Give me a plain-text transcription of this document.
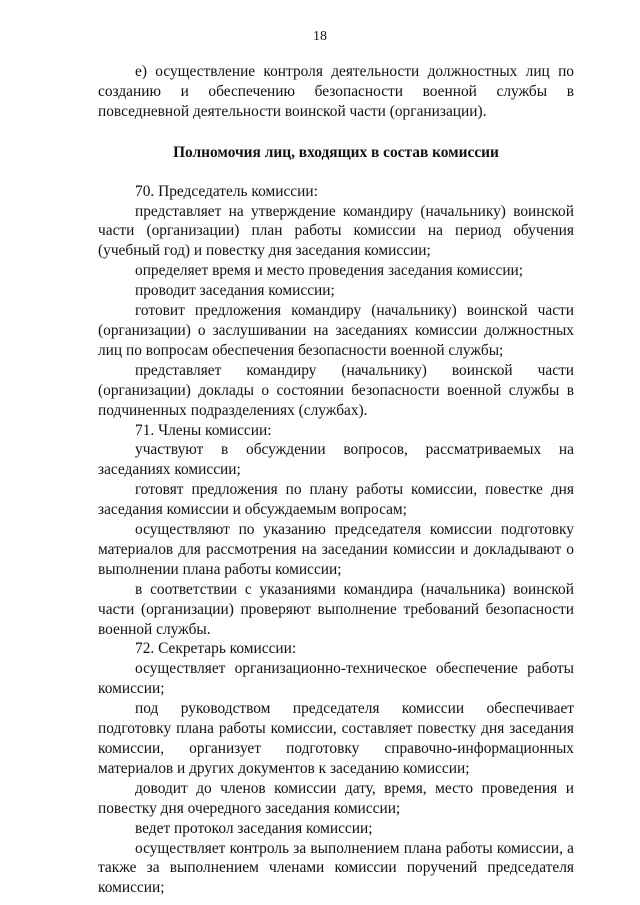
18

е) осуществление контроля деятельности должностных лиц по созданию и обеспечению безопасности военной службы в повседневной деятельности воинской части (организации).

Полномочия лиц, входящих в состав комиссии

70. Председатель комиссии:

представляет на утверждение командиру (начальнику) воинской части (организации) план работы комиссии на период обучения (учебный год) и повестку дня заседания комиссии;

определяет время и место проведения заседания комиссии;

проводит заседания комиссии;

готовит предложения командиру (начальнику) воинской части (организации) о заслушивании на заседаниях комиссии должностных лиц по вопросам обеспечения безопасности военной службы;

представляет командиру (начальнику) воинской части (организации) доклады о состоянии безопасности военной службы в подчиненных подразделениях (службах).

71. Члены комиссии:

участвуют в обсуждении вопросов, рассматриваемых на заседаниях комиссии;

готовят предложения по плану работы комиссии, повестке дня заседания комиссии и обсуждаемым вопросам;

осуществляют по указанию председателя комиссии подготовку материалов для рассмотрения на заседании комиссии и докладывают о выполнении плана работы комиссии;

в соответствии с указаниями командира (начальника) воинской части (организации) проверяют выполнение требований безопасности военной службы.

72. Секретарь комиссии:

осуществляет организационно-техническое обеспечение работы комиссии;

под руководством председателя комиссии обеспечивает подготовку плана работы комиссии, составляет повестку дня заседания комиссии, организует подготовку справочно-информационных материалов и других документов к заседанию комиссии;

доводит до членов комиссии дату, время, место проведения и повестку дня очередного заседания комиссии;

ведет протокол заседания комиссии;

осуществляет контроль за выполнением плана работы комиссии, а также за выполнением членами комиссии поручений председателя комиссии;
